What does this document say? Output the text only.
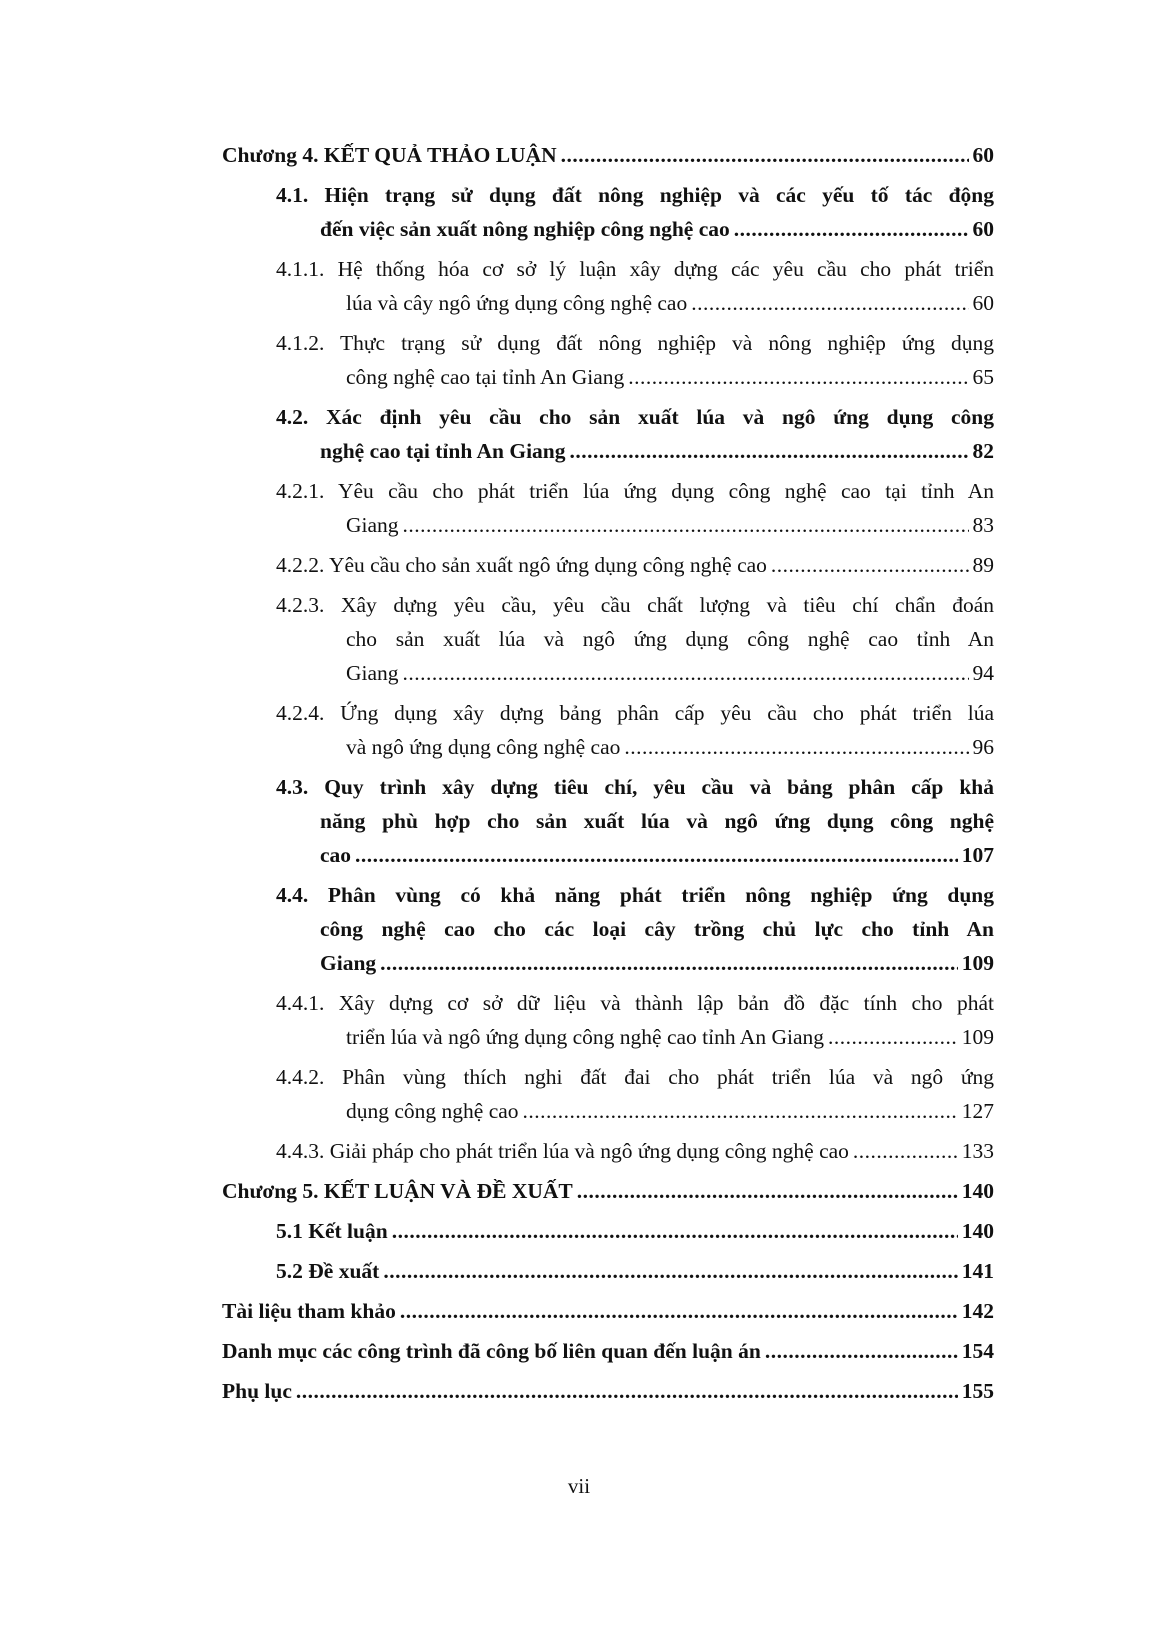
Chương 4. KẾT QUẢ THẢO LUẬN .....	60
4.1. Hiện trạng sử dụng đất nông nghiệp và các yếu tố tác động
đến việc sản xuất nông nghiệp công nghệ cao .....	60
4.1.1. Hệ thống hóa cơ sở lý luận xây dựng các yêu cầu cho phát triển
lúa và cây ngô ứng dụng công nghệ cao .....	60
4.1.2. Thực trạng sử dụng đất nông nghiệp và nông nghiệp ứng dụng
công nghệ cao tại tỉnh An Giang .....	65
4.2. Xác định yêu cầu cho sản xuất lúa và ngô ứng dụng công
nghệ cao tại tỉnh An Giang .....	82
4.2.1. Yêu cầu cho phát triển lúa ứng dụng công nghệ cao tại tỉnh An
Giang .....	83
4.2.2. Yêu cầu cho sản xuất ngô ứng dụng công nghệ cao .....	89
4.2.3. Xây dựng yêu cầu, yêu cầu chất lượng và tiêu chí chẩn đoán
cho sản xuất lúa và ngô ứng dụng công nghệ cao tỉnh An
Giang .....	94
4.2.4. Ứng dụng xây dựng bảng phân cấp yêu cầu cho phát triển lúa
và ngô ứng dụng công nghệ cao .....	96
4.3. Quy trình xây dựng tiêu chí, yêu cầu và bảng phân cấp khả
năng phù hợp cho sản xuất lúa và ngô ứng dụng công nghệ
cao .....	107
4.4. Phân vùng có khả năng phát triển nông nghiệp ứng dụng
công nghệ cao cho các loại cây trồng chủ lực cho tỉnh An
Giang .....	109
4.4.1. Xây dựng cơ sở dữ liệu và thành lập bản đồ đặc tính cho phát
triển lúa và ngô ứng dụng công nghệ cao tỉnh An Giang .....	109
4.4.2. Phân vùng thích nghi đất đai cho phát triển lúa và ngô ứng
dụng công nghệ cao .....	127
4.4.3. Giải pháp cho phát triển lúa và ngô ứng dụng công nghệ cao .....	133
Chương 5. KẾT LUẬN VÀ ĐỀ XUẤT .....	140
5.1 Kết luận .....	140
5.2 Đề xuất .....	141
Tài liệu tham khảo .....	142
Danh mục các công trình đã công bố liên quan đến luận án .....	154
Phụ lục .....	155
vii
